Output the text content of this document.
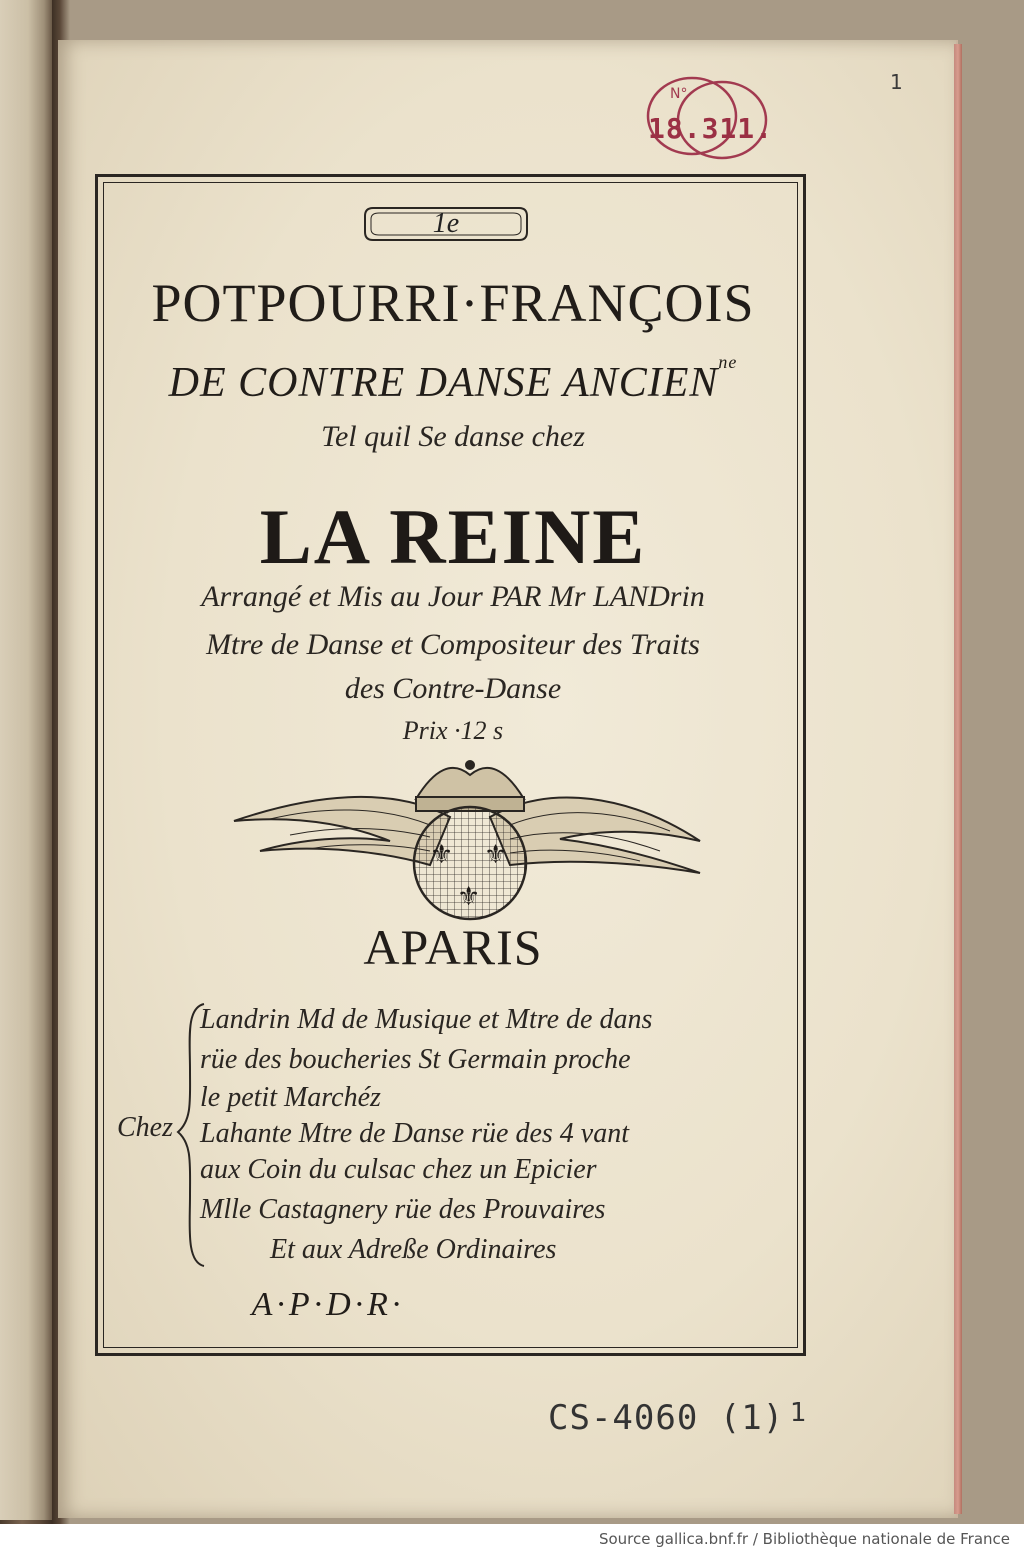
1
N°
18.311.
1e
POTPOURRI·FRANÇOIS
DE CONTRE DANSE $ANCIEN^{ne}$
Tel quil Se danse chez
LA REINE
Arrangé et Mis au Jour PAR Mr LANDrin
Mtre de Danse et Compositeur des Traits
des Contre-Danse
Prix ·12 s
⚜ ⚜
⚜
APARIS
Chez
Landrin Md de Musique et Mtre de dans
rüe des boucheries St Germain proche
le petit Marchéz
Lahante Mtre de Danse rüe des 4 vant
aux Coin du culsac chez un Epicier
Mlle Castagnery rüe des Prouvaires
Et aux Adreße Ordinaires
A·P·D·R·
CS-4060 (1) 1
Source gallica.bnf.fr / Bibliothèque nationale de France
